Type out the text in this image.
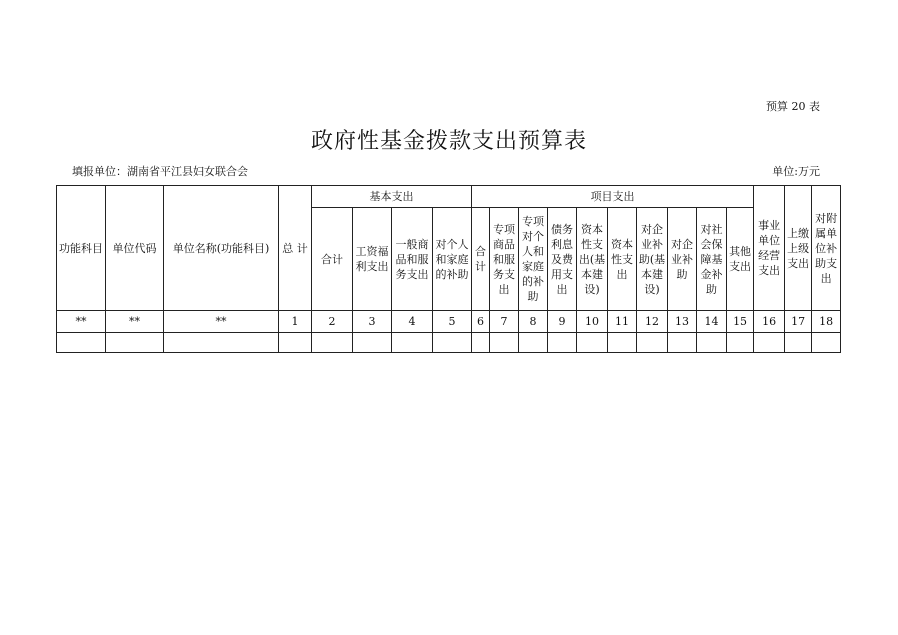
预算 20 表
政府性基金拨款支出预算表
填报单位：湖南省平江县妇女联合会	单位:万元
功能科目	单位代码	单位名称(功能科目)	总 计	基本支出				项目支出										事业单位经营支出	上缴上级支出	对附属单位补助支出
				合计	工资福利支出	一般商品和服务支出	对个人和家庭的补助	合计	专项商品和服务支出	专项对个人和家庭的补助	债务利息及费用支出	资本性支出(基本建设)	资本性支出	对企业补助(基本建设)	对企业补助	对社会保障基金补助	其他支出			
**	**	**	1	2	3	4	5	6	7	8	9	10	11	12	13	14	15	16	17	18
